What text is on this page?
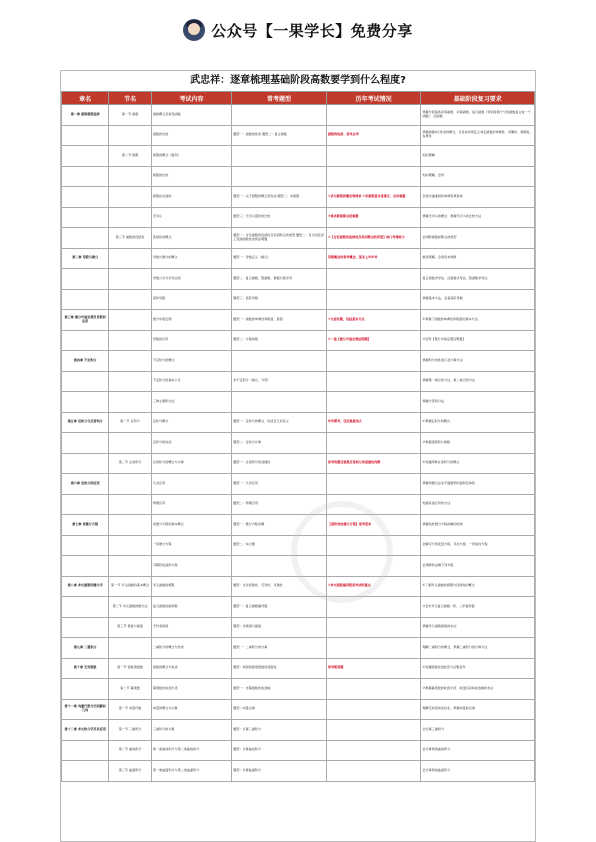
公众号【一果学长】免费分享
武忠祥：逐章梳理基础阶段高数要学到什么程度?
章名	节名	考试内容	常考题型	历年考试情况	基础阶段复习要求
第一章 函数极限连续	第一节 函数	函数概念及常见函数			掌握分段基本初等函数、初等函数、复合函数（特别是两个分段函数复合成一个函数）、反函数
		函数的性质	题型一：函数的性质 题型二：复合函数	函数的性质、常考必考	掌握函数4大性质的概念，以及如何用定义判定函数的单调性、奇偶性、周期性、有界性
	第二节 极限	极限的概念（数列）			知识理解
		极限的性质			知识理解，会用
		极限存在准则	题型一：关于极限的概念及性质 题型二：求极限	①求与极限的概念等得多 ②求极限基本常规式、会有难题	会使夹逼准则和单调有界准则
		无穷小	题型三：无穷小量阶的比较	③将求极限都会是难题	掌握无穷小的概念、掌握无穷小的比较方法
	第三节 函数的连续性	连续性的概念	题型一：讨论函数的连续性及其间断点的类型 题型二：有关闭区间上连续函数性质的证明题	①【讨论函数的连续性及其间断点的类型】每门考得较少	会判断函数间断点的类型
第二章 导数与微分		导数与微分的概念	题型一：导数定义（重点）	导数概念的常考概念、基本上年年考	就是理解，会查用来判断
		导数公式与求导法则	题型二：复合函数、隐函数、参数方程求导		复合函数求导法、反函数求导法、隐函数求导法
		高阶导数	题型三：高阶导数		掌握基本方法，会查高阶导数
第三章 微分中值定理及导数的应用		微分中值定理	题型一：函数的单调性和极值、最值	①万能有题，包括基本方法	①掌握了函数的单调性和极值的基本方法
		导数的应用	题型二：方程的根	②一道【微分中值定理证明题】	②会用【微分中值定理证明题】
第四章 不定积分		不定积分的概念			掌握积分的性质以及计算方法
		不定积分的基本公式	求不定积分（换元、分部）		掌握第一换元积分法、第二换元积分法
		三种主要积分法			掌握分部积分法
第五章 定积分与反常积分	第一节 定积分	定积分概念	题型一：定积分的概念、性质及几何意义	年年都考，往往难度加大	①掌握定积分的概念
		定积分的性质	题型二：定积分计算		②掌握变限积分函数
	第二节 反常积分	反常积分的概念与计算	题型一：反常积分的敛散性	常考的题目就是反常积分的敛散性判断	①知道两种反常积分的概念
第六章 定积分的应用		几何应用	题型一：几何应用		掌握用微元法求平面图形的面积及体积
		物理应用	题型二：物理应用		知道其他应用的方法
第七章 常微分方程		常微分方程的基本概念	题型一：微分方程求解	【高阶线性微分方程】很考更多	掌握线性微分方程的解的结构
		一阶微分方程	题型二：综合题		会解可分离变量方程、齐次方程、一阶线性方程
		可降阶的高阶方程			会用降阶法解下列方程
第八章 多元函数的微分学	第一节 多元函数的基本概念	多元函数的极限	题型：讨论连续性、可导性、可微性	①多元函数偏导数是考试的重点	①了解多元函数的极限与连续性的概念
	第二节 多元函数的微分法	复合函数的偏导数	题型一：复合函数偏导数		②会求多元复合函数一阶、二阶偏导数
	第三节 极值与最值	无约束极值	题型：求极值与最值		掌握多元函数极值的求法
第九章 二重积分		二重积分的概念与性质	题型一：二重积分的计算		理解二重积分的概念，掌握二重积分的计算方法
第十章 无穷级数	第一节 常数项级数	级数的概念与性质	题型：判别常数项级数的敛散性	常考简答题	①知道级数收敛的充分必要条件
	第二节 幂级数	幂级数的收敛半径	题型一：求幂级数的收敛域		②掌握幂级数的收敛半径、收敛区间和收敛域的求法
第十一章 向量代数与空间解析几何	第一节 向量代数	向量的概念与运算	题型：向量运算		理解空间直角坐标系，掌握向量的运算
第十二章 多元积分学及其应用	第一节 三重积分	三重积分的计算	题型：计算三重积分		会计算三重积分
	第二节 曲线积分	第一类曲线积分与第二类曲线积分	题型：计算曲线积分		会计算两类曲线积分
	第三节 曲面积分	第一类曲面积分与第二类曲面积分	题型：计算曲面积分		会计算两类曲面积分
